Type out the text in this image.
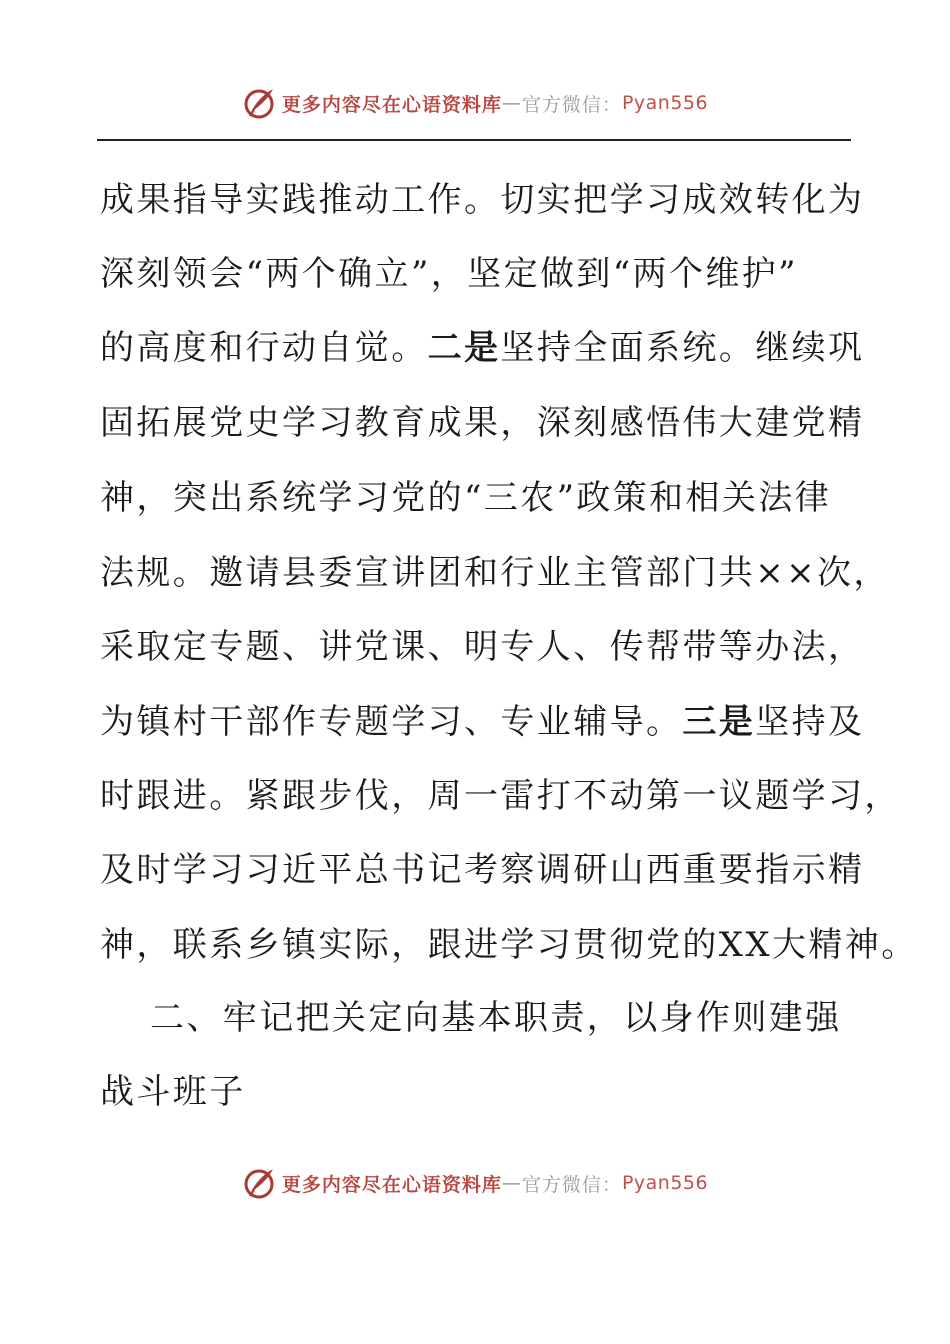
更多内容尽在心语资料库 — 官方微信： Pyan556
成果指导实践推动工作。切实把学习成效转化为
深刻领会“两个确立”，坚定做到“两个维护”
的高度和行动自觉。二是坚持全面系统。继续巩
固拓展党史学习教育成果，深刻感悟伟大建党精
神，突出系统学习党的“三农”政策和相关法律
法规。邀请县委宣讲团和行业主管部门共××次，
采取定专题、讲党课、明专人、传帮带等办法，
为镇村干部作专题学习、专业辅导。三是坚持及
时跟进。紧跟步伐，周一雷打不动第一议题学习，
及时学习习近平总书记考察调研山西重要指示精
神，联系乡镇实际，跟进学习贯彻党的XX大精神。
二、牢记把关定向基本职责，以身作则建强
战斗班子
更多内容尽在心语资料库 — 官方微信： Pyan556
